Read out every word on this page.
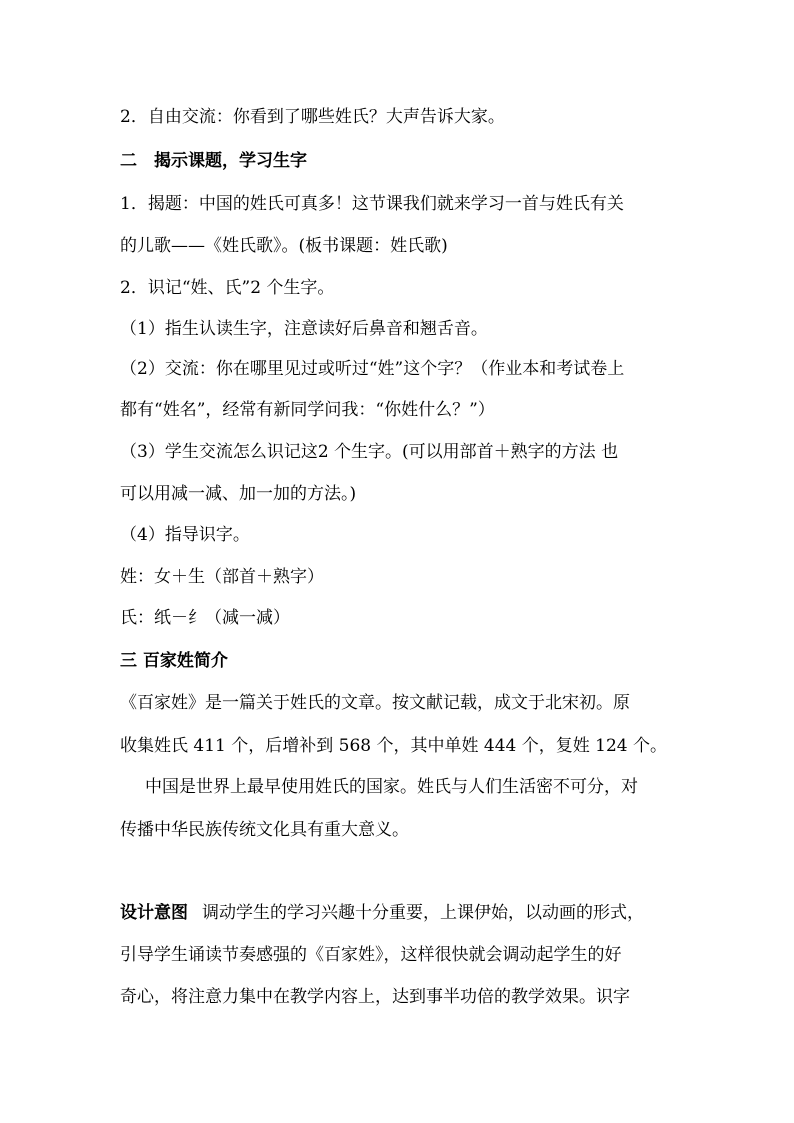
2．自由交流：你看到了哪些姓氏？大声告诉大家。
二　揭示课题，学习生字
1．揭题：中国的姓氏可真多！这节课我们就来学习一首与姓氏有关
的儿歌——《姓氏歌》。(板书课题：姓氏歌)
2．识记“姓、氏”2 个生字。
（1）指生认读生字，注意读好后鼻音和翘舌音。
（2）交流：你在哪里见过或听过“姓”这个字？（作业本和考试卷上
都有“姓名”，经常有新同学问我：“你姓什么？”）
（3）学生交流怎么识记这2 个生字。(可以用部首＋熟字的方法 也
可以用减一减、加一加的方法。)
（4）指导识字。
姓：女＋生（部首＋熟字）
氏：纸－纟（减一减）
三 百家姓简介
《百家姓》是一篇关于姓氏的文章。按文献记载，成文于北宋初。原
收集姓氏 411 个，后增补到 568 个，其中单姓 444 个，复姓 124 个。
中国是世界上最早使用姓氏的国家。姓氏与人们生活密不可分，对
传播中华民族传统文化具有重大意义。
设计意图 调动学生的学习兴趣十分重要，上课伊始，以动画的形式，
引导学生诵读节奏感强的《百家姓》，这样很快就会调动起学生的好
奇心，将注意力集中在教学内容上，达到事半功倍的教学效果。识字
